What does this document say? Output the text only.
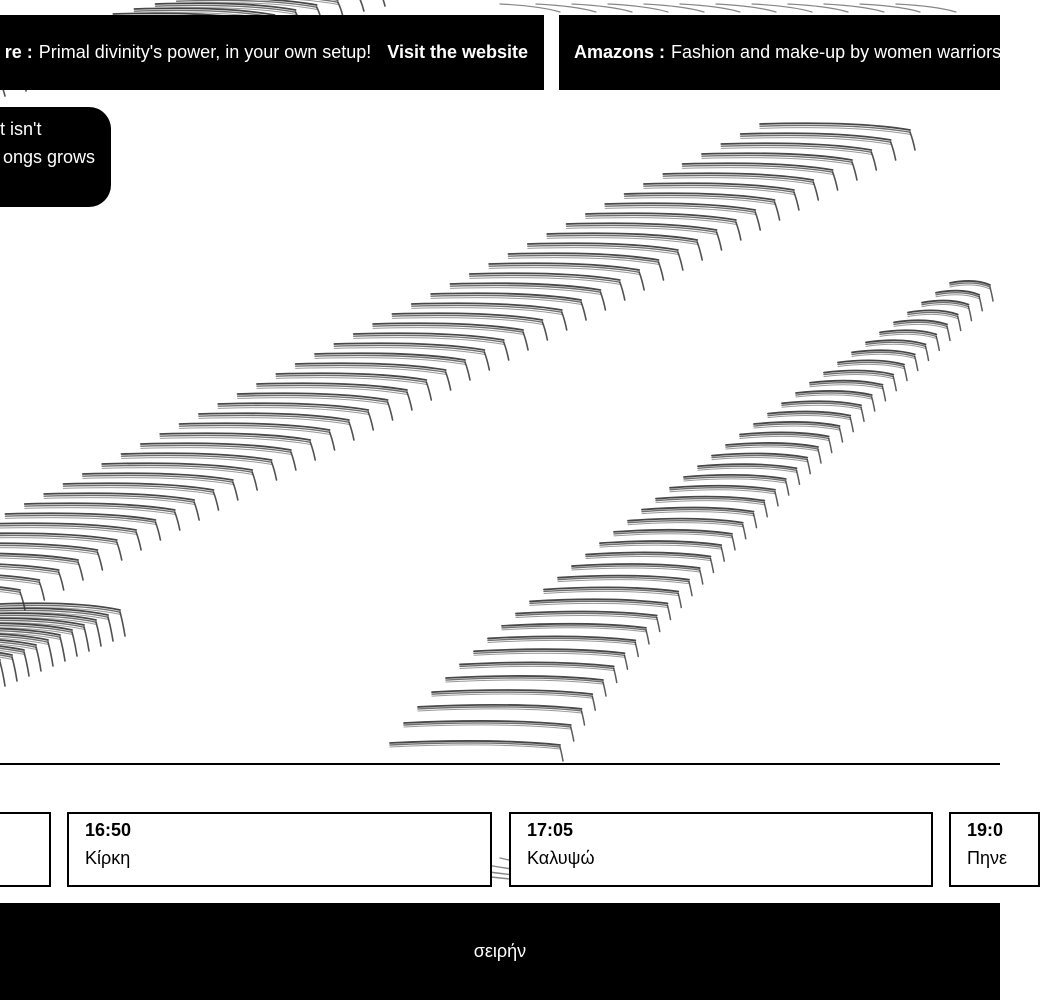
re : Primal divinity's power, in your own setup! Visit the website	Amazons : Fashion and make-up by women warriors
t isn't
ongs grows
16:50
Κίρκη
17:05
Καλυψώ
19:0
Πηνε
σειρήν
